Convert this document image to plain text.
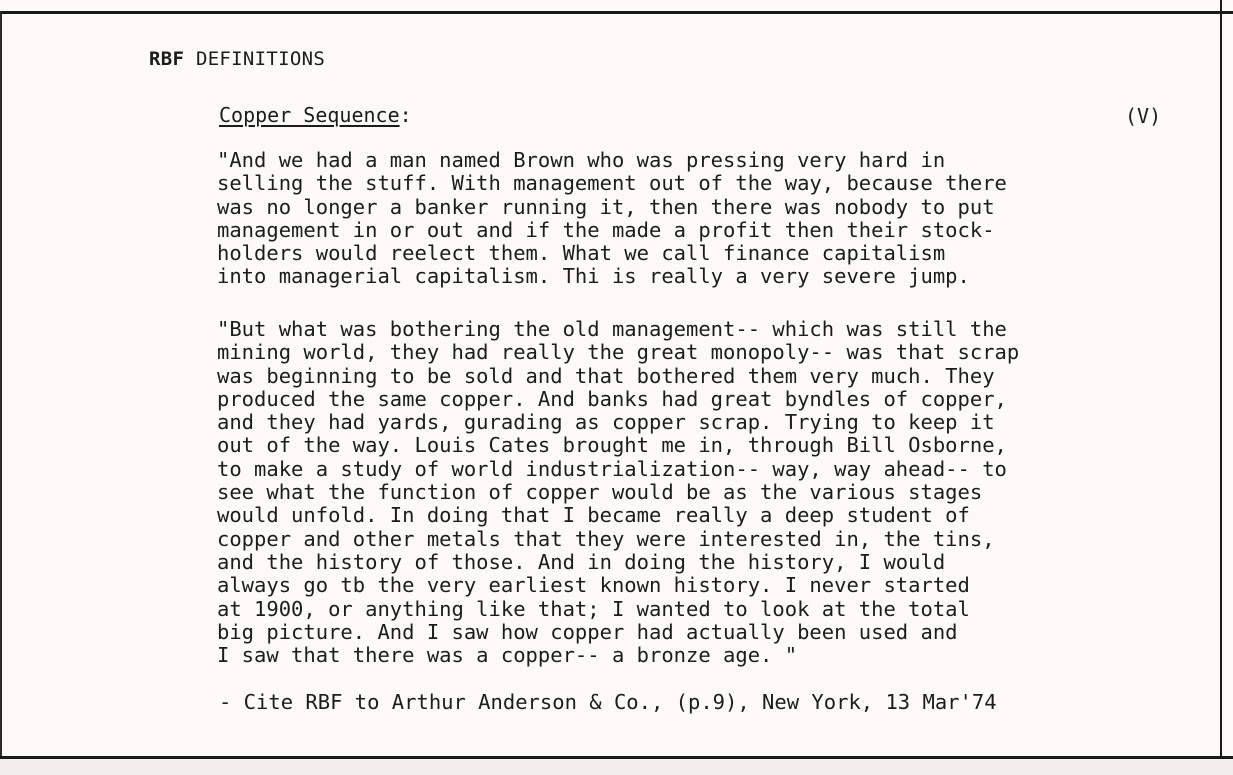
RBF DEFINITIONS
Copper Sequence:	(V)
"And we had a man named Brown who was pressing very hard in
selling the stuff. With management out of the way, because there
was no longer a banker running it, then there was nobody to put
management in or out and if the made a profit then their stock-
holders would reelect them. What we call finance capitalism
into managerial capitalism. Thi is really a very severe jump.
"But what was bothering the old management-- which was still the
mining world, they had really the great monopoly-- was that scrap
was beginning to be sold and that bothered them very much. They
produced the same copper. And banks had great byndles of copper,
and they had yards, gurading as copper scrap. Trying to keep it
out of the way. Louis Cates brought me in, through Bill Osborne,
to make a study of world industrialization-- way, way ahead-- to
see what the function of copper would be as the various stages
would unfold. In doing that I became really a deep student of
copper and other metals that they were interested in, the tins,
and the history of those. And in doing the history, I would
always go tb the very earliest known history. I never started
at 1900, or anything like that; I wanted to look at the total
big picture. And I saw how copper had actually been used and
I saw that there was a copper-- a bronze age. "
- Cite RBF to Arthur Anderson & Co., (p.9), New York, 13 Mar'74
